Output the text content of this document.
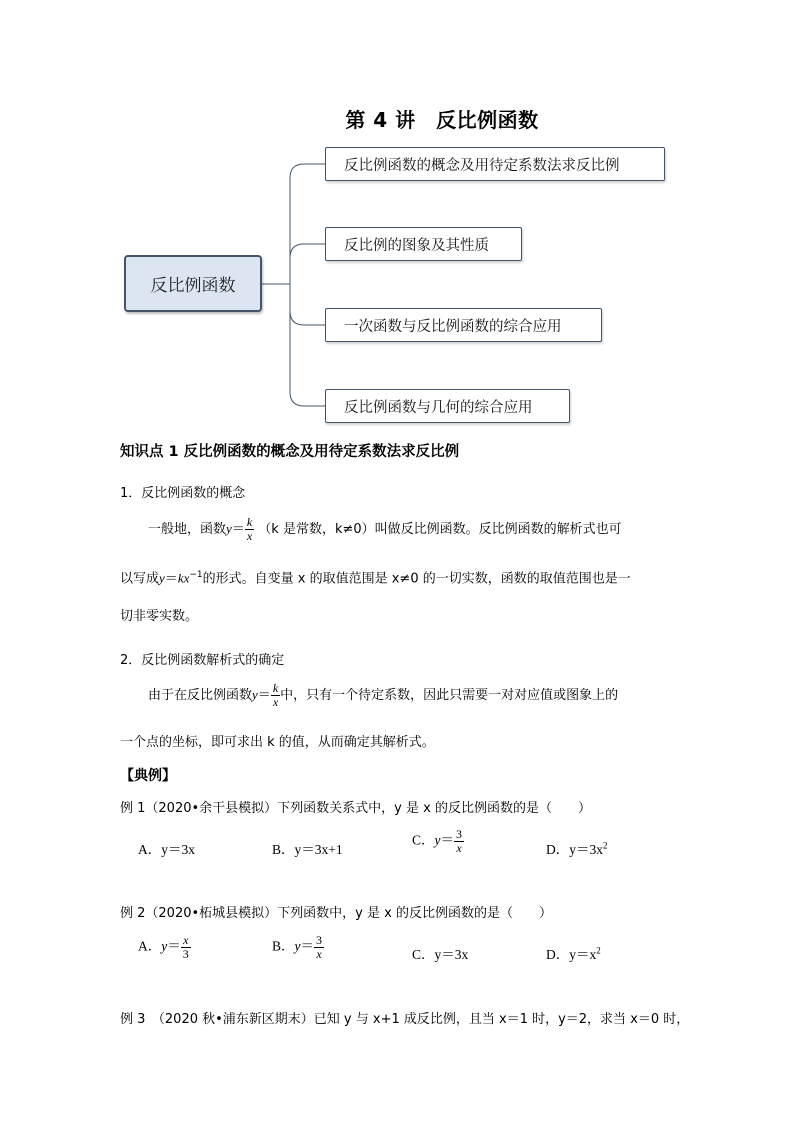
第 4 讲　反比例函数
反比例函数
反比例函数的概念及用待定系数法求反比例
反比例的图象及其性质
一次函数与反比例函数的综合应用
反比例函数与几何的综合应用
知识点 1 反比例函数的概念及用待定系数法求反比例
1．反比例函数的概念
一般地，函数$y= \frac{k}{x} (k$ 是常数，k≠0）叫做反比例函数。反比例函数的解析式也可
以写成$y=kx^{-1}$的形式。自变量 x 的取值范围是 x≠0 的一切实数，函数的取值范围也是一
切非零实数。
2．反比例函数解析式的确定
由于在反比例函数$y= \frac{k}{x}$ 中，只有一个待定系数，因此只需要一对对应值或图象上的
一个点的坐标，即可求出 k 的值，从而确定其解析式。
【典例】
例 1（2020•余干县模拟）下列函数关系式中，y 是 x 的反比例函数的是（　　）
A．y＝3x	B．y＝3x+1
C．$y= \frac{3}{x}$	D．$y=3x^2$
例 2（2020•柘城县模拟）下列函数中，y 是 x 的反比例函数的是（　　）
A．$y= \frac{x}{3}$	B．$y= \frac{3}{x}$	C．y＝3x	D．$y=x^2$
例 3　（2020 秋•浦东新区期末）已知 y 与 x+1 成反比例，且当 x＝1 时，y＝2，求当 x＝0 时，
